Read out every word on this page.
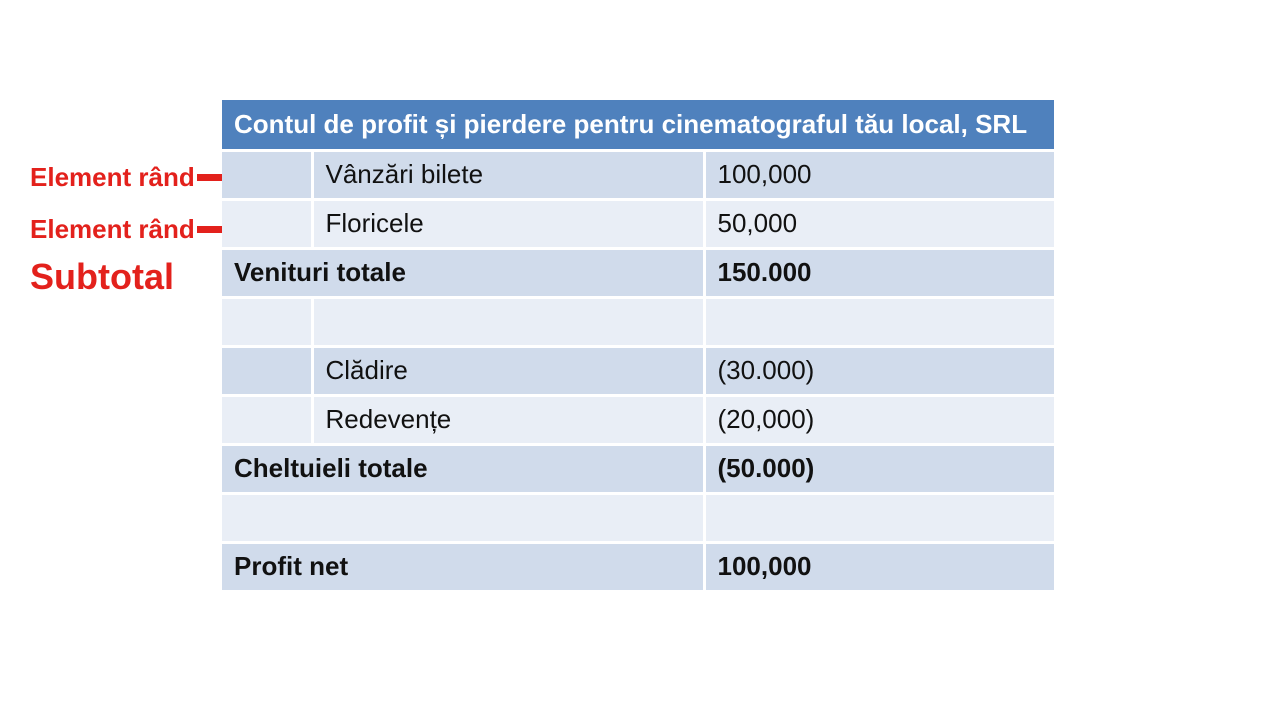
Element rând
Element rând
Subtotal
Contul de profit și pierdere pentru cinematograful tău local, SRL		
	Vânzări bilete	100,000
	Floricele	50,000
Venituri totale		150.000

	Clădire	(30.000)
	Redevențe	(20,000)
Cheltuieli totale		(50.000)

Profit net		100,000
